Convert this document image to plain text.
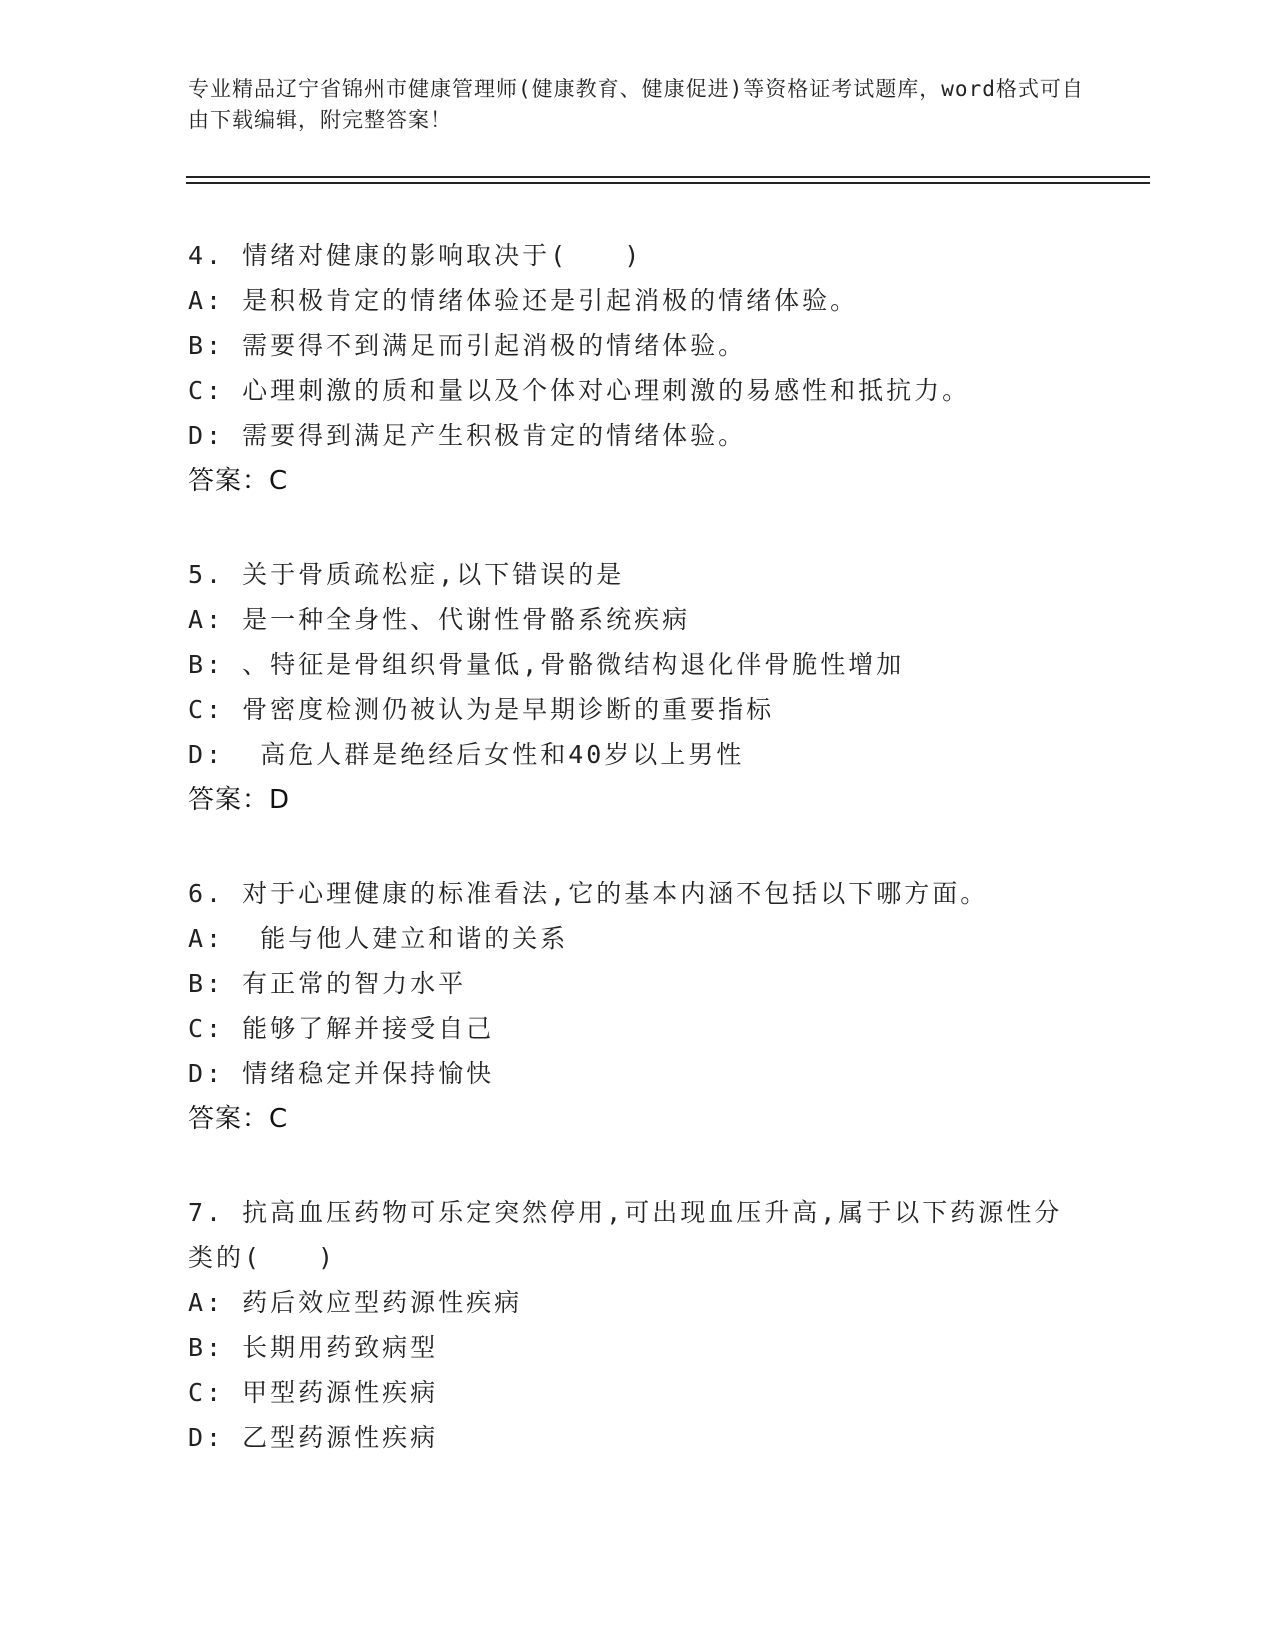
专业精品辽宁省锦州市健康管理师(健康教育、健康促进)等资格证考试题库，word格式可自由下载编辑，附完整答案！

4. 情绪对健康的影响取决于(　　)

A: 是积极肯定的情绪体验还是引起消极的情绪体验。

B: 需要得不到满足而引起消极的情绪体验。

C: 心理刺激的质和量以及个体对心理刺激的易感性和抵抗力。

D: 需要得到满足产生积极肯定的情绪体验。

答案：C

5. 关于骨质疏松症,以下错误的是

A: 是一种全身性、代谢性骨骼系统疾病

B: 、特征是骨组织骨量低,骨骼微结构退化伴骨脆性增加

C: 骨密度检测仍被认为是早期诊断的重要指标

D:  高危人群是绝经后女性和40岁以上男性

答案：D

6. 对于心理健康的标准看法,它的基本内涵不包括以下哪方面。

A:  能与他人建立和谐的关系

B: 有正常的智力水平

C: 能够了解并接受自己

D: 情绪稳定并保持愉快

答案：C

7. 抗高血压药物可乐定突然停用,可出现血压升高,属于以下药源性分

类的(　　)

A: 药后效应型药源性疾病

B: 长期用药致病型

C: 甲型药源性疾病

D: 乙型药源性疾病
